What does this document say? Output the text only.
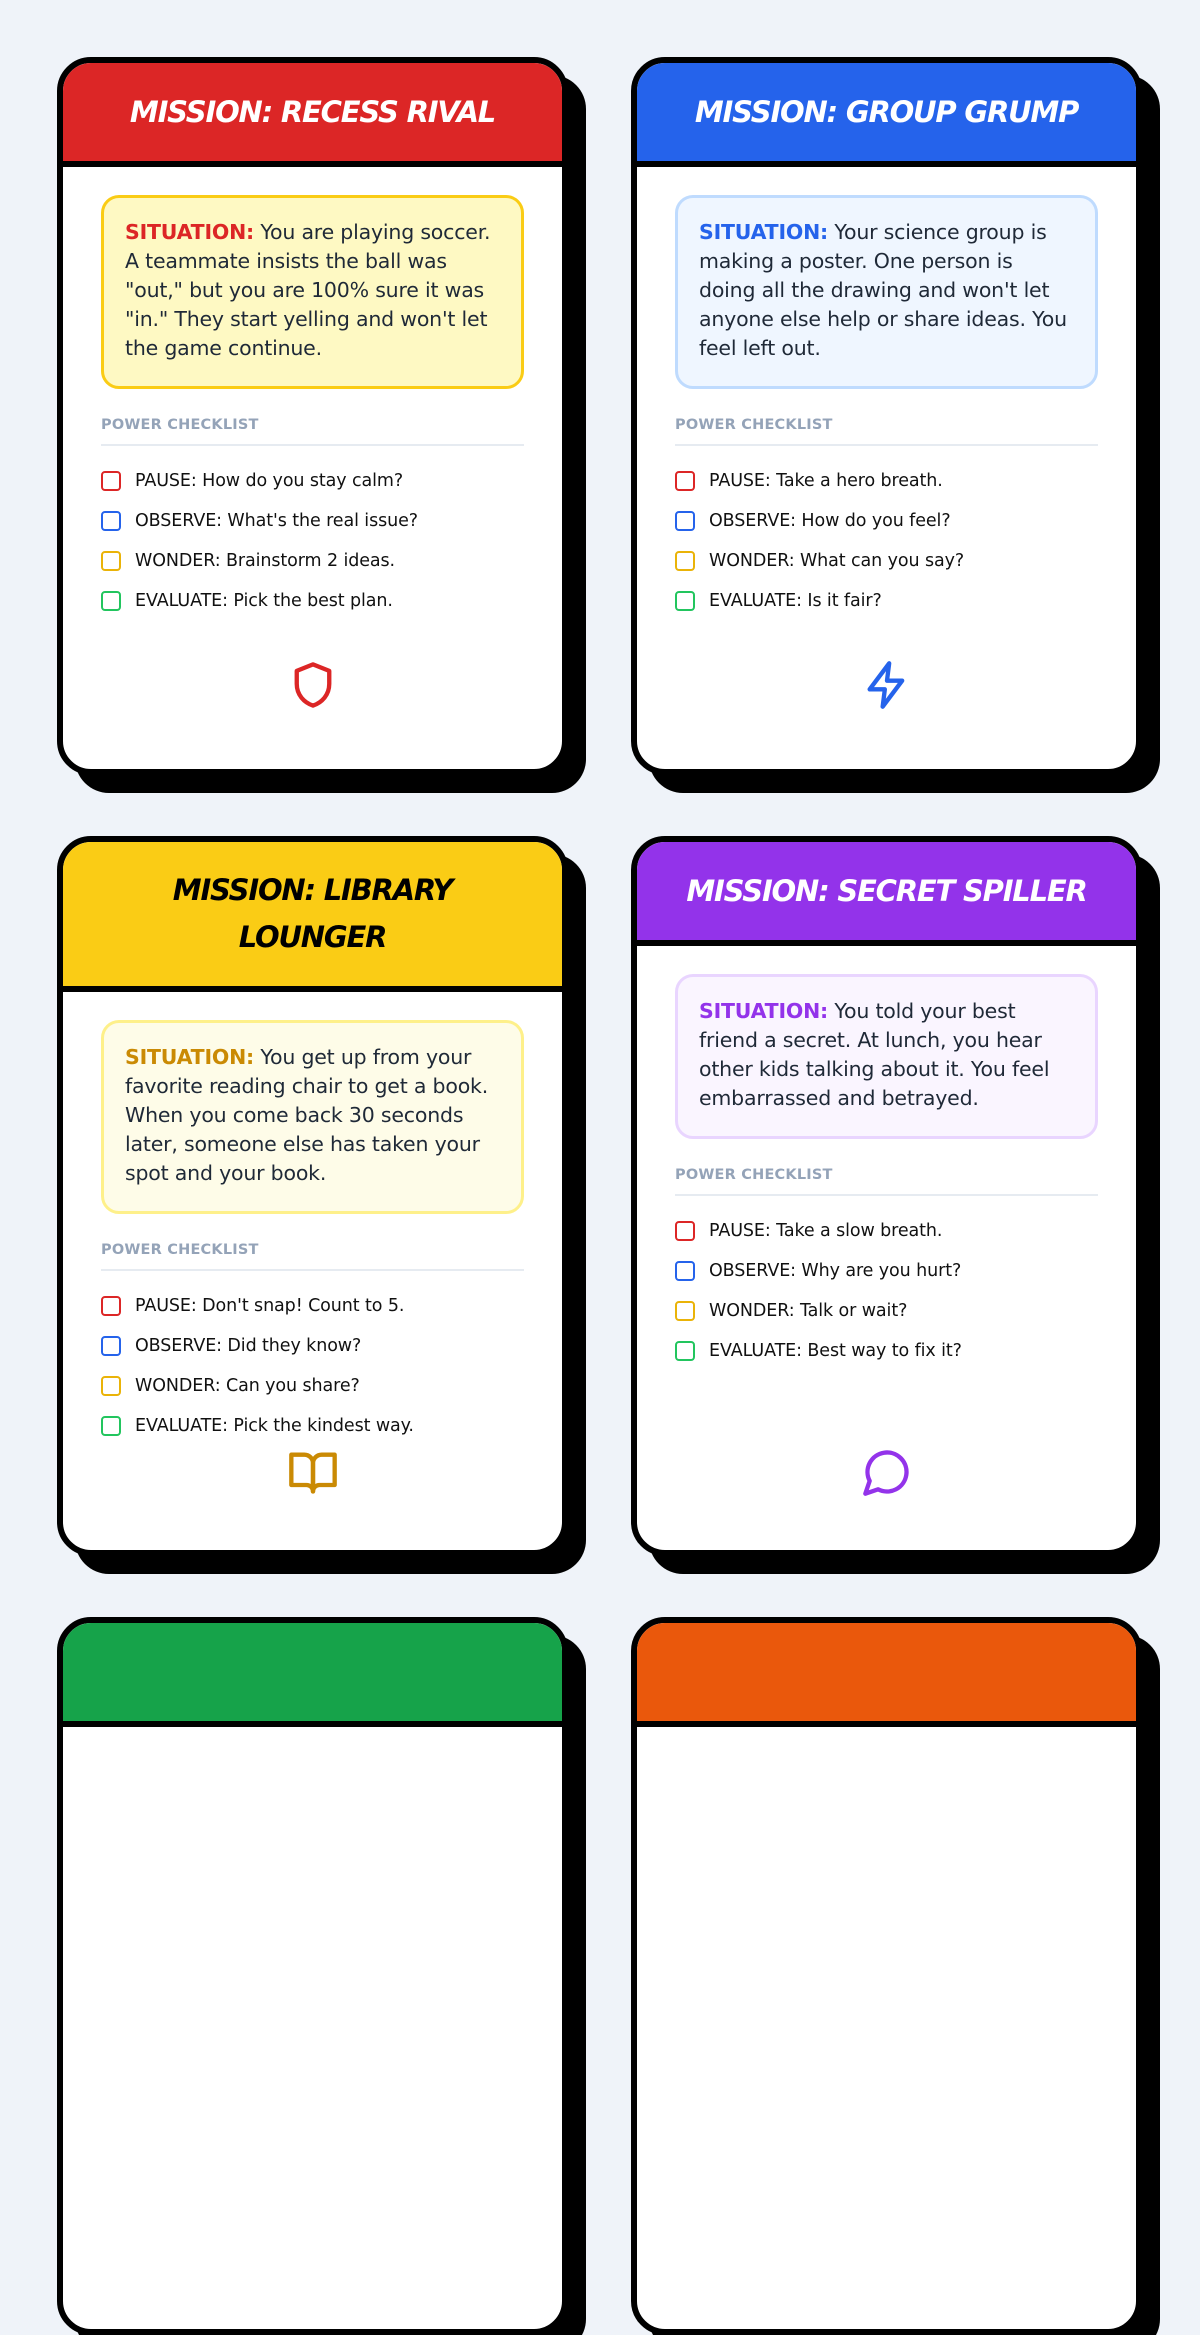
MISSION: RECESS RIVAL
SITUATION: You are playing soccer. A teammate insists the ball was "out," but you are 100% sure it was "in." They start yelling and won't let the game continue.
POWER CHECKLIST
PAUSE: How do you stay calm?
OBSERVE: What's the real issue?
WONDER: Brainstorm 2 ideas.
EVALUATE: Pick the best plan.
MISSION: GROUP GRUMP
SITUATION: Your science group is making a poster. One person is doing all the drawing and won't let anyone else help or share ideas. You feel left out.
POWER CHECKLIST
PAUSE: Take a hero breath.
OBSERVE: How do you feel?
WONDER: What can you say?
EVALUATE: Is it fair?
MISSION: LIBRARY LOUNGER
SITUATION: You get up from your favorite reading chair to get a book. When you come back 30 seconds later, someone else has taken your spot and your book.
POWER CHECKLIST
PAUSE: Don't snap! Count to 5.
OBSERVE: Did they know?
WONDER: Can you share?
EVALUATE: Pick the kindest way.
MISSION: SECRET SPILLER
SITUATION: You told your best friend a secret. At lunch, you hear other kids talking about it. You feel embarrassed and betrayed.
POWER CHECKLIST
PAUSE: Take a slow breath.
OBSERVE: Why are you hurt?
WONDER: Talk or wait?
EVALUATE: Best way to fix it?
